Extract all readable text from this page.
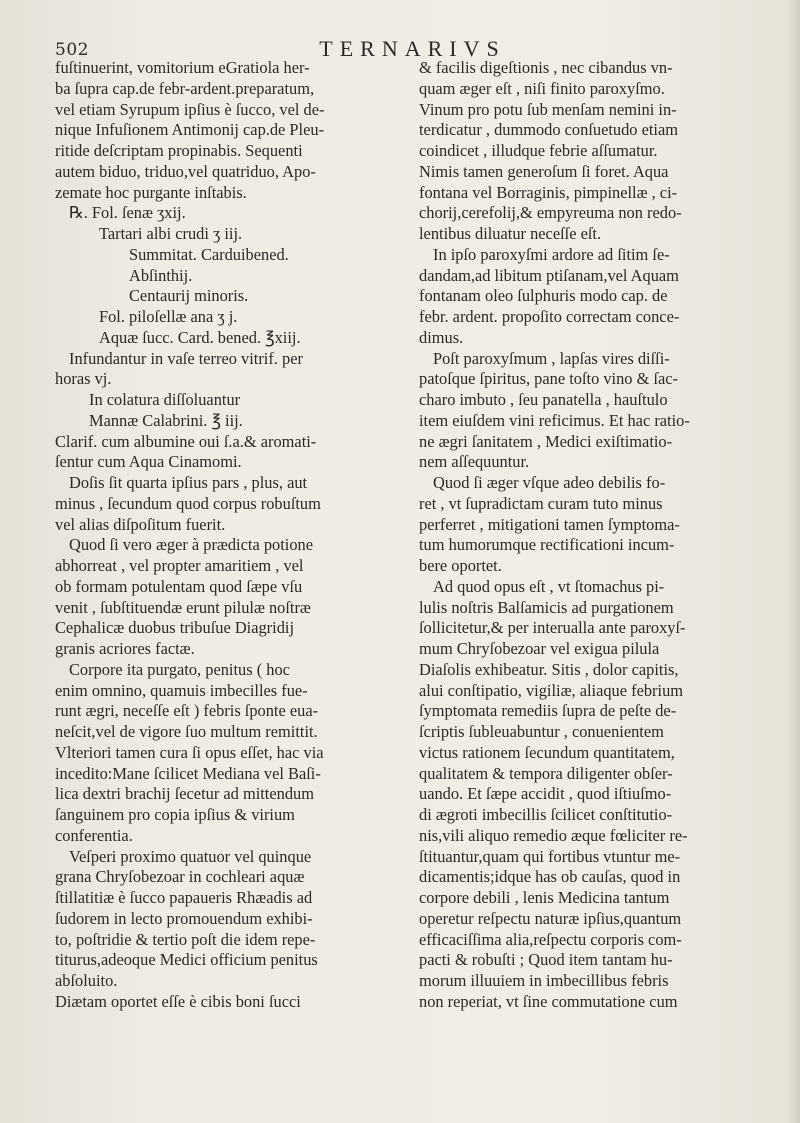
502	TERNARIVS
fuſtinuerint, vomitorium eGratiola her-
ba ſupra cap.de febr-ardent.preparatum,
vel etiam Syrupum ipſius è ſucco, vel de-
nique Infuſionem Antimonij cap.de Pleu-
ritide deſcriptam propinabis. Sequenti
autem biduo, triduo,vel quatriduo, Apo-
zemate hoc purgante inſtabis.
℞. Fol. ſenæ ʒxij.
Tartari albi crudi ʒ iij.
Summitat. Carduibened.
Abſinthij.
Centaurij minoris.
Fol. piloſellæ ana ʒ j.
Aquæ ſucc. Card. bened. ℥xiij.
Infundantur in vaſe terreo vitrif. per
horas vj.
In colatura diſſoluantur
Mannæ Calabrini. ℥ iij.
Clarif. cum albumine oui ſ.a.& aromati-
ſentur cum Aqua Cinamomi.
Doſis ſit quarta ipſius pars , plus, aut
minus , ſecundum quod corpus robuſtum
vel alias diſpoſitum fuerit.
Quod ſi vero æger à prædicta potione
abhorreat , vel propter amaritiem , vel
ob formam potulentam quod ſæpe vſu
venit , ſubſtituendæ erunt pilulæ noſtræ
Cephalicæ duobus tribuſue Diagridij
granis acriores factæ.
Corpore ita purgato, penitus ( hoc
enim omnino, quamuis imbecilles fue-
runt ægri, neceſſe eſt ) febris ſponte eua-
neſcit,vel de vigore ſuo multum remittit.
Vlteriori tamen cura ſi opus eſſet, hac via
incedito:Mane ſcilicet Mediana vel Baſi-
lica dextri brachij ſecetur ad mittendum
ſanguinem pro copia ipſius & virium
conferentia.
Veſperi proximo quatuor vel quinque
grana Chryſobezoar in cochleari aquæ
ſtillatitiæ è ſucco papaueris Rhæadis ad
ſudorem in lecto promouendum exhibi-
to, poſtridie & tertio poſt die idem repe-
titurus,adeoque Medici officium penitus
abſoluito.
Diætam oportet eſſe è cibis boni ſucci
& facilis digeſtionis , nec cibandus vn-
quam æger eſt , niſi finito paroxyſmo.
Vinum pro potu ſub menſam nemini in-
terdicatur , dummodo conſuetudo etiam
coindicet , illudque febrie aſſumatur.
Nimis tamen generoſum ſi foret. Aqua
fontana vel Borraginis, pimpinellæ , ci-
chorij,cerefolij,& empyreuma non redo-
lentibus diluatur neceſſe eſt.
In ipſo paroxyſmi ardore ad ſitim ſe-
dandam,ad libitum ptiſanam,vel Aquam
fontanam oleo ſulphuris modo cap. de
febr. ardent. propoſito correctam conce-
dimus.
Poſt paroxyſmum , lapſas vires diſſi-
patoſque ſpiritus, pane toſto vino & ſac-
charo imbuto , ſeu panatella , hauſtulo
item eiuſdem vini reficimus. Et hac ratio-
ne ægri ſanitatem , Medici exiſtimatio-
nem aſſequuntur.
Quod ſi æger vſque adeo debilis fo-
ret , vt ſupradictam curam tuto minus
perferret , mitigationi tamen ſymptoma-
tum humorumque rectificationi incum-
bere oportet.
Ad quod opus eſt , vt ſtomachus pi-
lulis noſtris Balſamicis ad purgationem
ſollicitetur,& per interualla ante paroxyſ-
mum Chryſobezoar vel exigua pilula
Diaſolis exhibeatur. Sitis , dolor capitis,
alui conſtipatio, vigiliæ, aliaque febrium
ſymptomata remediis ſupra de peſte de-
ſcriptis ſubleuabuntur , conuenientem
victus rationem ſecundum quantitatem,
qualitatem & tempora diligenter obſer-
uando. Et ſæpe accidit , quod iſtiuſmo-
di ægroti imbecillis ſcilicet conſtitutio-
nis,vili aliquo remedio æque fœliciter re-
ſtituantur,quam qui fortibus vtuntur me-
dicamentis;idque has ob cauſas, quod in
corpore debili , lenis Medicina tantum
operetur reſpectu naturæ ipſius,quantum
efficaciſſima alia,reſpectu corporis com-
pacti & robuſti ; Quod item tantam hu-
morum illuuiem in imbecillibus febris
non reperiat, vt ſine commutatione cum
